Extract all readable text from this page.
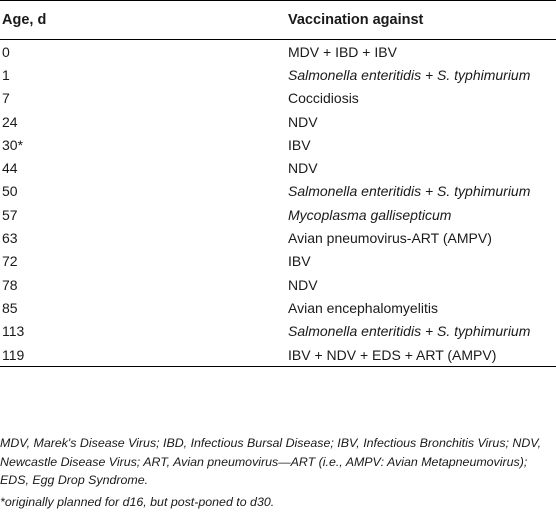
Age, d	Vaccination against
0	MDV + IBD + IBV
1	Salmonella enteritidis + S. typhimurium
7	Coccidiosis
24	NDV
30*	IBV
44	NDV
50	Salmonella enteritidis + S. typhimurium
57	Mycoplasma gallisepticum
63	Avian pneumovirus-ART (AMPV)
72	IBV
78	NDV
85	Avian encephalomyelitis
113	Salmonella enteritidis + S. typhimurium
119	IBV + NDV + EDS + ART (AMPV)

MDV, Marek's Disease Virus; IBD, Infectious Bursal Disease; IBV, Infectious Bronchitis Virus; NDV, Newcastle Disease Virus; ART, Avian pneumovirus—ART (i.e., AMPV: Avian Metapneumovirus); EDS, Egg Drop Syndrome.

*originally planned for d16, but post-poned to d30.
